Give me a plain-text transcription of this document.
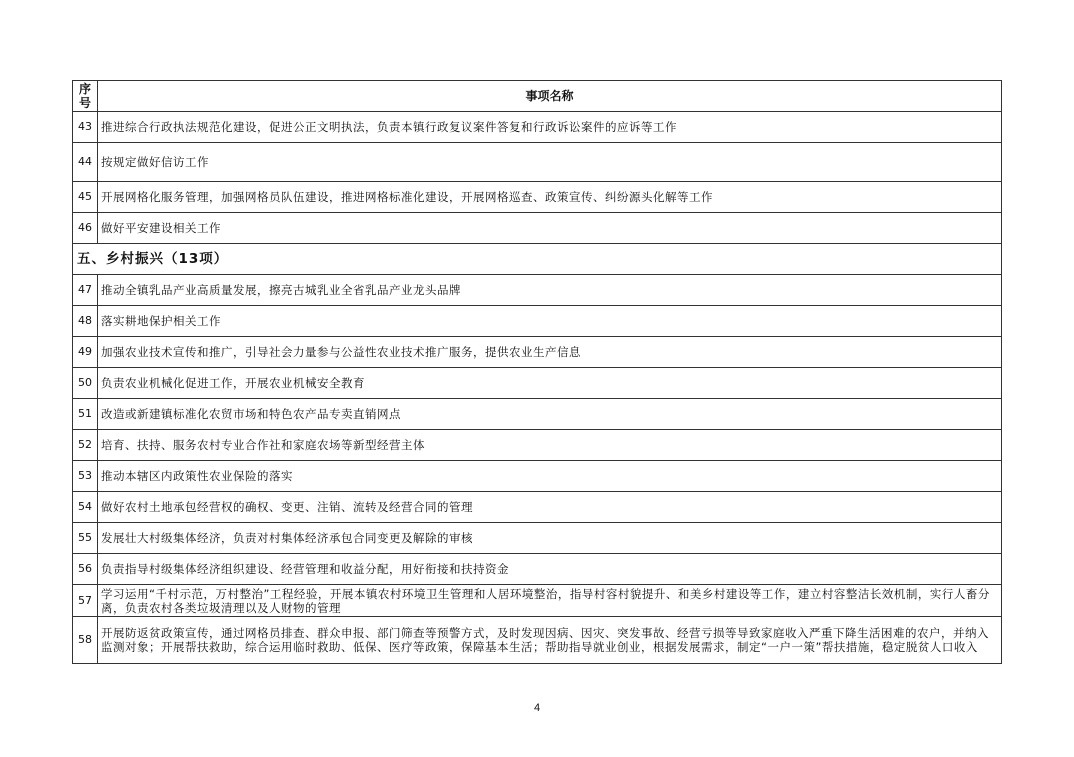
序号	事项名称
43	推进综合行政执法规范化建设，促进公正文明执法，负责本镇行政复议案件答复和行政诉讼案件的应诉等工作
44	按规定做好信访工作
45	开展网格化服务管理，加强网格员队伍建设，推进网格标准化建设，开展网格巡查、政策宣传、纠纷源头化解等工作
46	做好平安建设相关工作
五、乡村振兴（13项）	
47	推动全镇乳品产业高质量发展，擦亮古城乳业全省乳品产业龙头品牌
48	落实耕地保护相关工作
49	加强农业技术宣传和推广，引导社会力量参与公益性农业技术推广服务，提供农业生产信息
50	负责农业机械化促进工作，开展农业机械安全教育
51	改造或新建镇标准化农贸市场和特色农产品专卖直销网点
52	培育、扶持、服务农村专业合作社和家庭农场等新型经营主体
53	推动本辖区内政策性农业保险的落实
54	做好农村土地承包经营权的确权、变更、注销、流转及经营合同的管理
55	发展壮大村级集体经济，负责对村集体经济承包合同变更及解除的审核
56	负责指导村级集体经济组织建设、经营管理和收益分配，用好衔接和扶持资金
57	学习运用“千村示范，万村整治”工程经验，开展本镇农村环境卫生管理和人居环境整治，指导村容村貌提升、和美乡村建设等工作，建立村容整洁长效机制，实行人畜分离，负责农村各类垃圾清理以及人财物的管理
58	开展防返贫政策宣传，通过网格员排查、群众申报、部门筛查等预警方式，及时发现因病、因灾、突发事故、经营亏损等导致家庭收入严重下降生活困难的农户，并纳入监测对象；开展帮扶救助，综合运用临时救助、低保、医疗等政策，保障基本生活；帮助指导就业创业，根据发展需求，制定“一户一策”帮扶措施，稳定脱贫人口收入
4
